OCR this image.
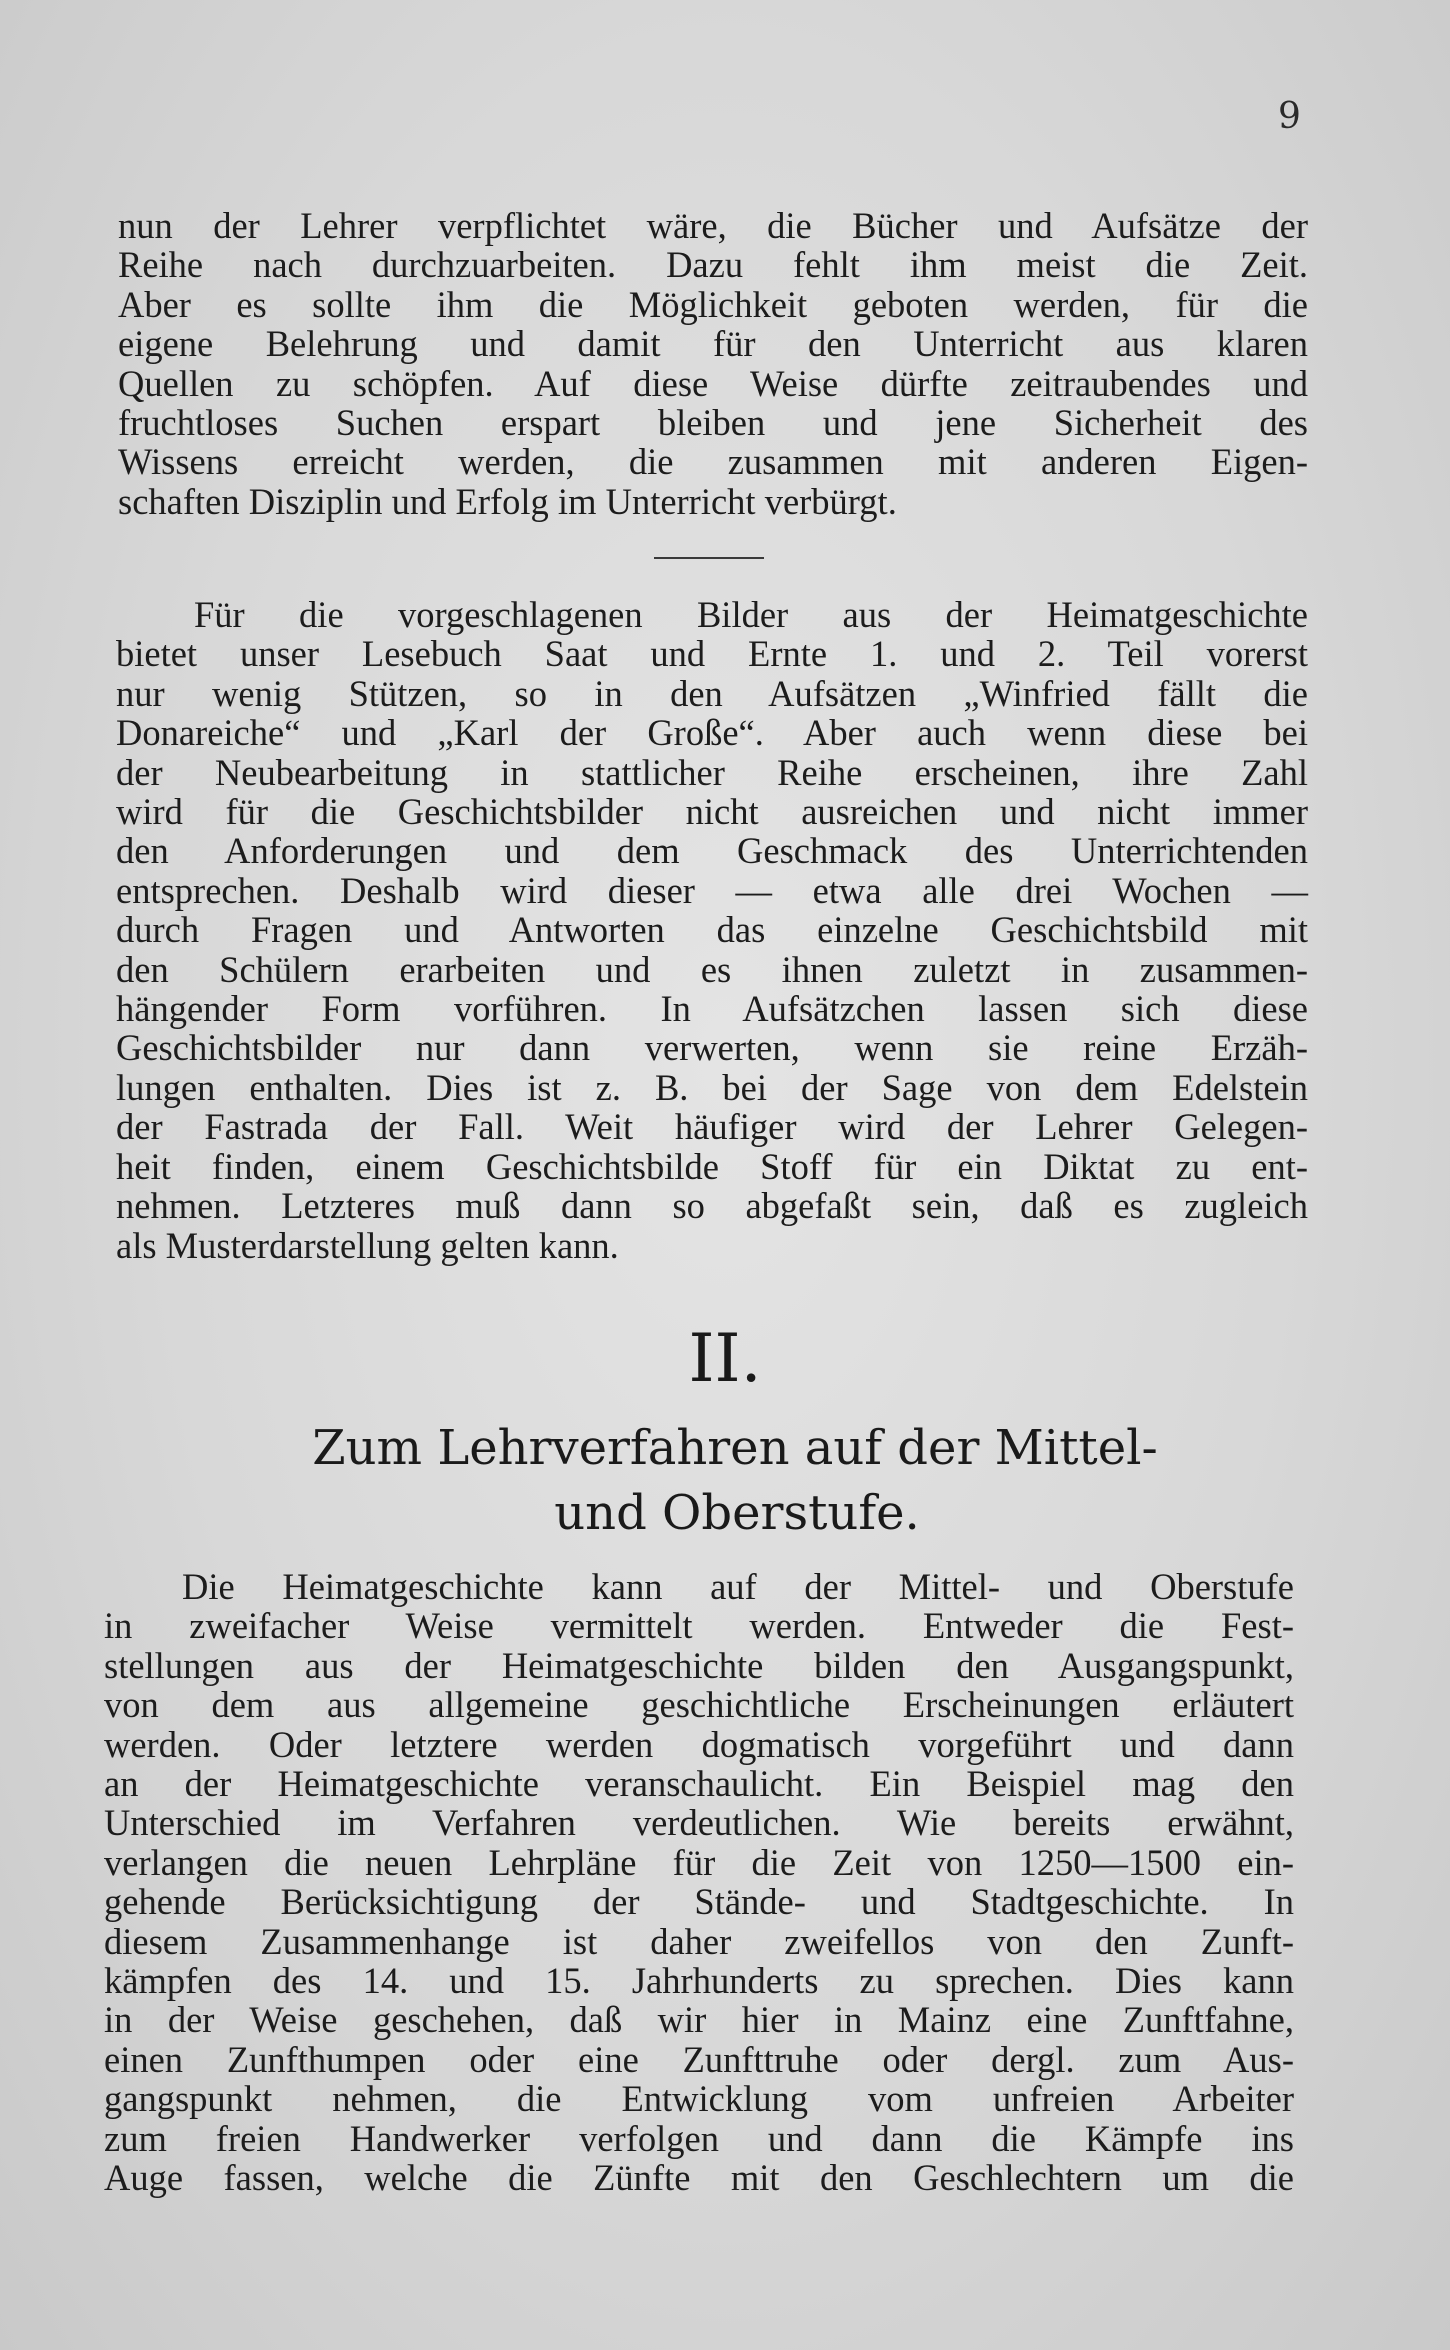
9
nun der Lehrer verpflichtet wäre, die Bücher und Aufsätze der
Reihe nach durchzuarbeiten. Dazu fehlt ihm meist die Zeit.
Aber es sollte ihm die Möglichkeit geboten werden, für die
eigene Belehrung und damit für den Unterricht aus klaren
Quellen zu schöpfen. Auf diese Weise dürfte zeitraubendes und
fruchtloses Suchen erspart bleiben und jene Sicherheit des
Wissens erreicht werden, die zusammen mit anderen Eigen-
schaften Disziplin und Erfolg im Unterricht verbürgt.
Für die vorgeschlagenen Bilder aus der Heimatgeschichte
bietet unser Lesebuch Saat und Ernte 1. und 2. Teil vorerst
nur wenig Stützen, so in den Aufsätzen „Winfried fällt die
Donareiche“ und „Karl der Große“. Aber auch wenn diese bei
der Neubearbeitung in stattlicher Reihe erscheinen, ihre Zahl
wird für die Geschichtsbilder nicht ausreichen und nicht immer
den Anforderungen und dem Geschmack des Unterrichtenden
entsprechen. Deshalb wird dieser — etwa alle drei Wochen —
durch Fragen und Antworten das einzelne Geschichtsbild mit
den Schülern erarbeiten und es ihnen zuletzt in zusammen-
hängender Form vorführen. In Aufsätzchen lassen sich diese
Geschichtsbilder nur dann verwerten, wenn sie reine Erzäh-
lungen enthalten. Dies ist z. B. bei der Sage von dem Edelstein
der Fastrada der Fall. Weit häufiger wird der Lehrer Gelegen-
heit finden, einem Geschichtsbilde Stoff für ein Diktat zu ent-
nehmen. Letzteres muß dann so abgefaßt sein, daß es zugleich
als Musterdarstellung gelten kann.
II.
Zum Lehrverfahren auf der Mittel-
und Oberstufe.
Die Heimatgeschichte kann auf der Mittel- und Oberstufe
in zweifacher Weise vermittelt werden. Entweder die Fest-
stellungen aus der Heimatgeschichte bilden den Ausgangspunkt,
von dem aus allgemeine geschichtliche Erscheinungen erläutert
werden. Oder letztere werden dogmatisch vorgeführt und dann
an der Heimatgeschichte veranschaulicht. Ein Beispiel mag den
Unterschied im Verfahren verdeutlichen. Wie bereits erwähnt,
verlangen die neuen Lehrpläne für die Zeit von 1250—1500 ein-
gehende Berücksichtigung der Stände- und Stadtgeschichte. In
diesem Zusammenhange ist daher zweifellos von den Zunft-
kämpfen des 14. und 15. Jahrhunderts zu sprechen. Dies kann
in der Weise geschehen, daß wir hier in Mainz eine Zunftfahne,
einen Zunfthumpen oder eine Zunfttruhe oder dergl. zum Aus-
gangspunkt nehmen, die Entwicklung vom unfreien Arbeiter
zum freien Handwerker verfolgen und dann die Kämpfe ins
Auge fassen, welche die Zünfte mit den Geschlechtern um die
